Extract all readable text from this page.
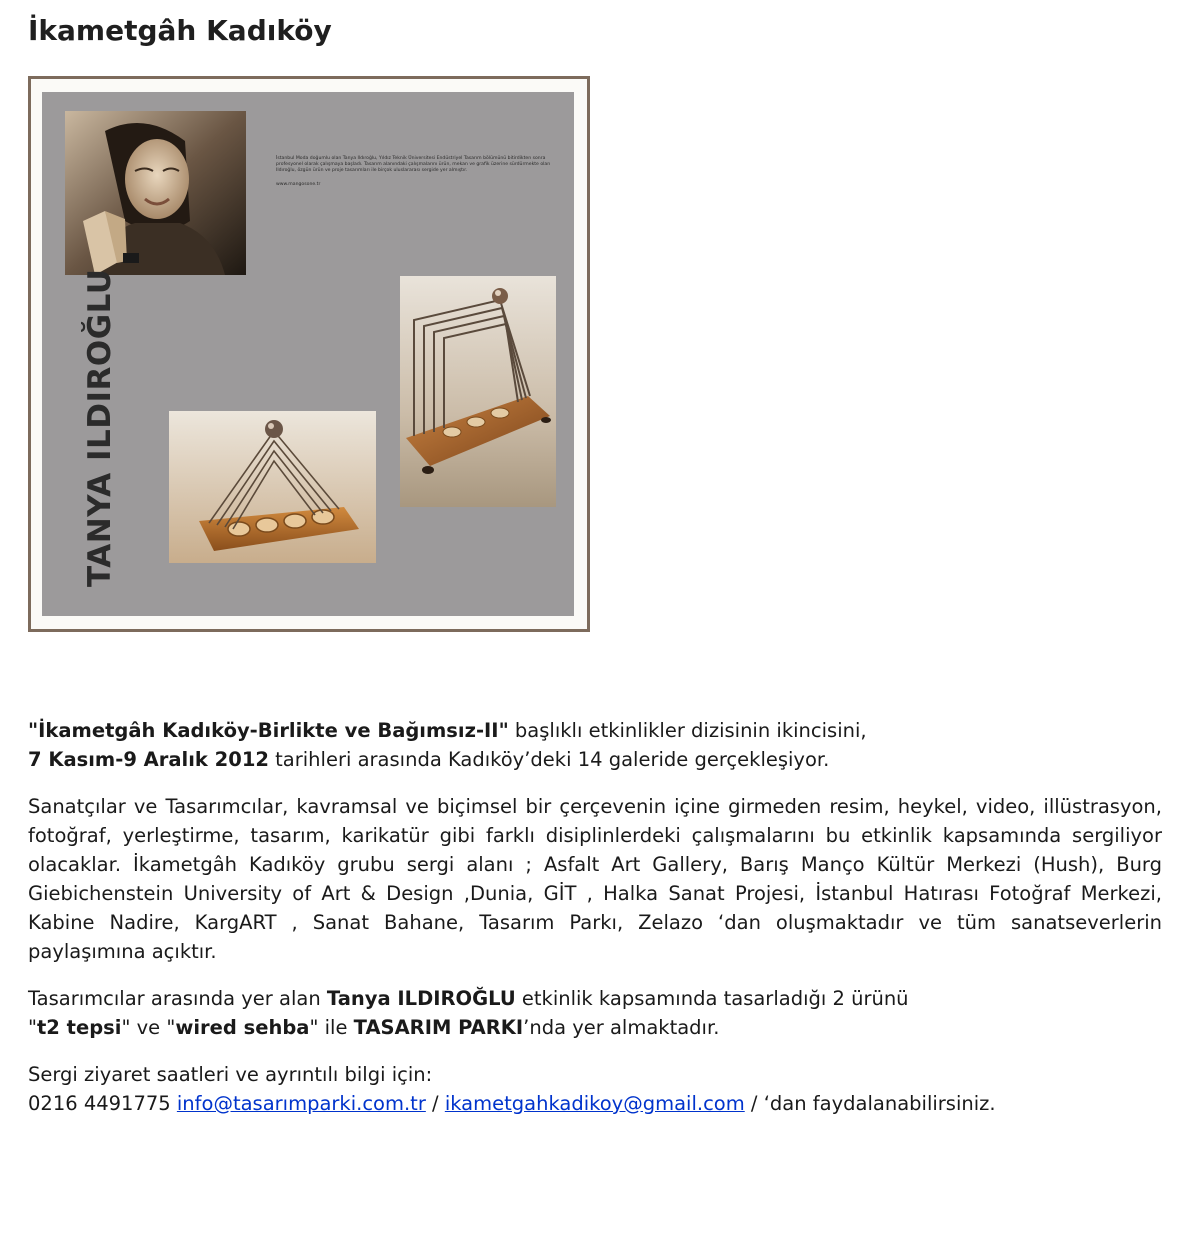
İkametgâh Kadıköy
İstanbul Moda doğumlu olan Tanya Ildıroğlu, Yıldız Teknik Üniversitesi Endüstriyel Tasarım bölümünü bitirdikten sonra profesyonel olarak çalışmaya başladı. Tasarım alanındaki çalışmalarını ürün, mekan ve grafik üzerine sürdürmekte olan Ildıroğlu, özgün ürün ve proje tasarımları ile birçok uluslararası sergide yer almıştır.
www.mangosone.tr
TANYA ILDIROĞLU

"İkametgâh Kadıköy-Birlikte ve Bağımsız-II" başlıklı etkinlikler dizisinin ikincisini,

7 Kasım-9 Aralık 2012 tarihleri arasında Kadıköy’deki 14 galeride gerçekleşiyor.

Sanatçılar ve Tasarımcılar, kavramsal ve biçimsel bir çerçevenin içine girmeden resim, heykel, video, illüstrasyon, fotoğraf, yerleştirme, tasarım, karikatür gibi farklı disiplinlerdeki çalışmalarını bu etkinlik kapsamında sergiliyor olacaklar. İkametgâh Kadıköy grubu sergi alanı ; Asfalt Art Gallery, Barış Manço Kültür Merkezi (Hush), Burg Giebichenstein University of Art & Design ,Dunia, GİT , Halka Sanat Projesi, İstanbul Hatırası Fotoğraf Merkezi, Kabine Nadire, KargART , Sanat Bahane, Tasarım Parkı, Zelazo ‘dan oluşmaktadır ve tüm sanatseverlerin paylaşımına açıktır.

Tasarımcılar arasında yer alan Tanya ILDIROĞLU etkinlik kapsamında tasarladığı 2 ürünü

"t2 tepsi" ve "wired sehba" ile TASARIM PARKI’nda yer almaktadır.

Sergi ziyaret saatleri ve ayrıntılı bilgi için:

0216 4491775 info@tasarımparki.com.tr / ikametgahkadikoy@gmail.com / ‘dan faydalanabilirsiniz.
